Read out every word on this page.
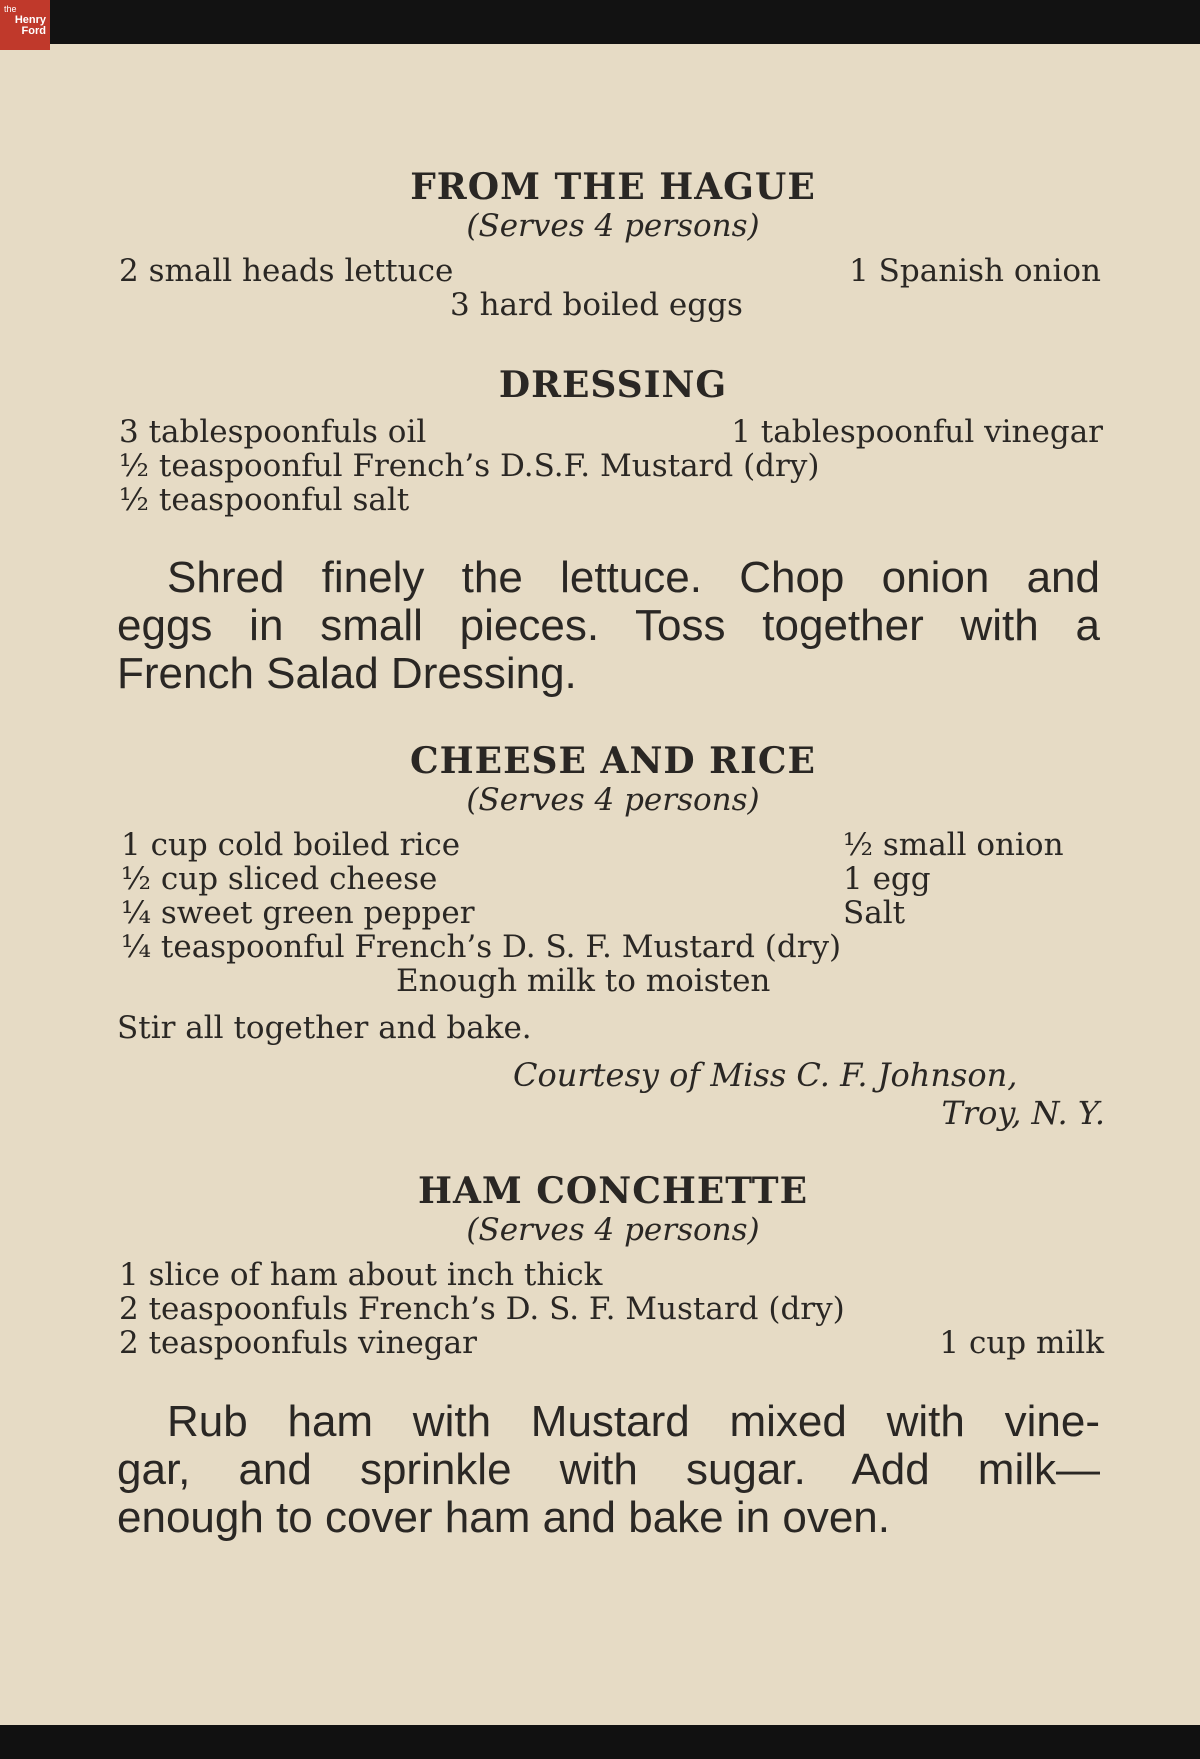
FROM THE HAGUE
(Serves 4 persons)
2 small heads lettuce	1 Spanish onion
3 hard boiled eggs
DRESSING
3 tablespoonfuls oil	1 tablespoonful vinegar
½ teaspoonful French’s D.S.F. Mustard (dry)
½ teaspoonful salt
Shred finely the lettuce. Chop onion and
eggs in small pieces. Toss together with a
French Salad Dressing.
CHEESE AND RICE
(Serves 4 persons)
1 cup cold boiled rice	½ small onion
½ cup sliced cheese	1 egg
¼ sweet green pepper	Salt
¼ teaspoonful French’s D. S. F. Mustard (dry)
Enough milk to moisten
Stir all together and bake.
Courtesy of Miss C. F. Johnson,
Troy, N. Y.
HAM CONCHETTE
(Serves 4 persons)
1 slice of ham about inch thick
2 teaspoonfuls French’s D. S. F. Mustard (dry)
2 teaspoonfuls vinegar	1 cup milk
Rub ham with Mustard mixed with vine-
gar, and sprinkle with sugar. Add milk—
enough to cover ham and bake in oven.
the
Henry
Ford
